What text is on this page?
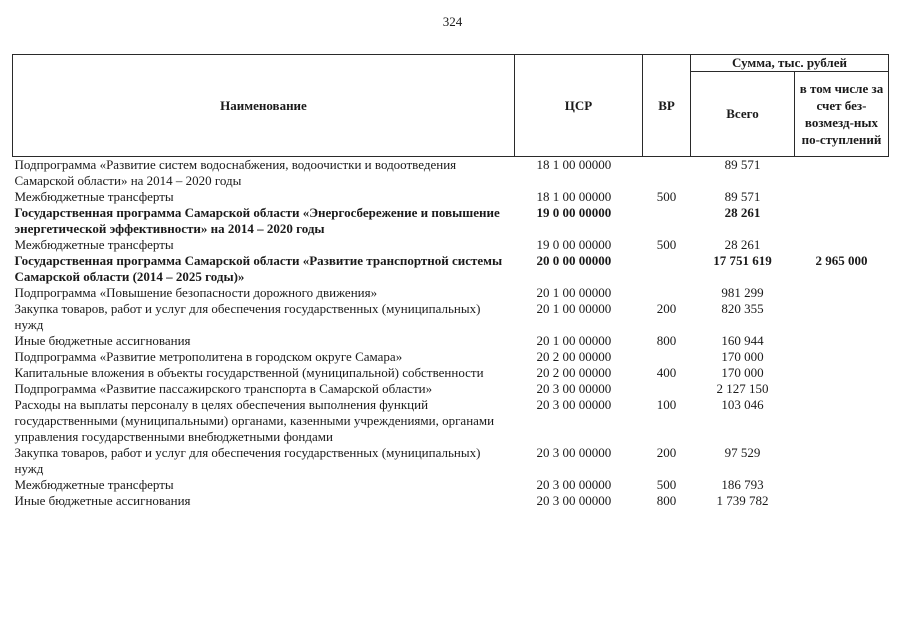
324
Наименование	ЦСР	ВР	Сумма, тыс. рублей	
			Всего	в том числе за счет без-возмезд-ных по-ступлений
Подпрограмма «Развитие систем водоснабжения, водоочистки и водоотведения Самарской области» на 2014 – 2020 годы	18 1 00 00000		89 571	
Межбюджетные трансферты	18 1 00 00000	500	89 571	
Государственная программа Самарской области «Энергосбережение и повышение энергетической эффективности» на 2014 – 2020 годы	19 0 00 00000		28 261	
Межбюджетные трансферты	19 0 00 00000	500	28 261	
Государственная программа Самарской области «Развитие транспортной системы Самарской области (2014 – 2025 годы)»	20 0 00 00000		17 751 619	2 965 000
Подпрограмма «Повышение безопасности дорожного движения»	20 1 00 00000		981 299	
Закупка товаров, работ и услуг для обеспечения государственных (муниципальных) нужд	20 1 00 00000	200	820 355	
Иные бюджетные ассигнования	20 1 00 00000	800	160 944	
Подпрограмма «Развитие метрополитена в городском округе Самара»	20 2 00 00000		170 000	
Капитальные вложения в объекты государственной (муниципальной) собственности	20 2 00 00000	400	170 000	
Подпрограмма «Развитие пассажирского транспорта в Самарской области»	20 3 00 00000		2 127 150	
Расходы на выплаты персоналу в целях обеспечения выполнения функций государственными (муниципальными) органами, казенными учреждениями, органами управления государственными внебюджетными фондами	20 3 00 00000	100	103 046	
Закупка товаров, работ и услуг для обеспечения государственных (муниципальных) нужд	20 3 00 00000	200	97 529	
Межбюджетные трансферты	20 3 00 00000	500	186 793	
Иные бюджетные ассигнования	20 3 00 00000	800	1 739 782	
